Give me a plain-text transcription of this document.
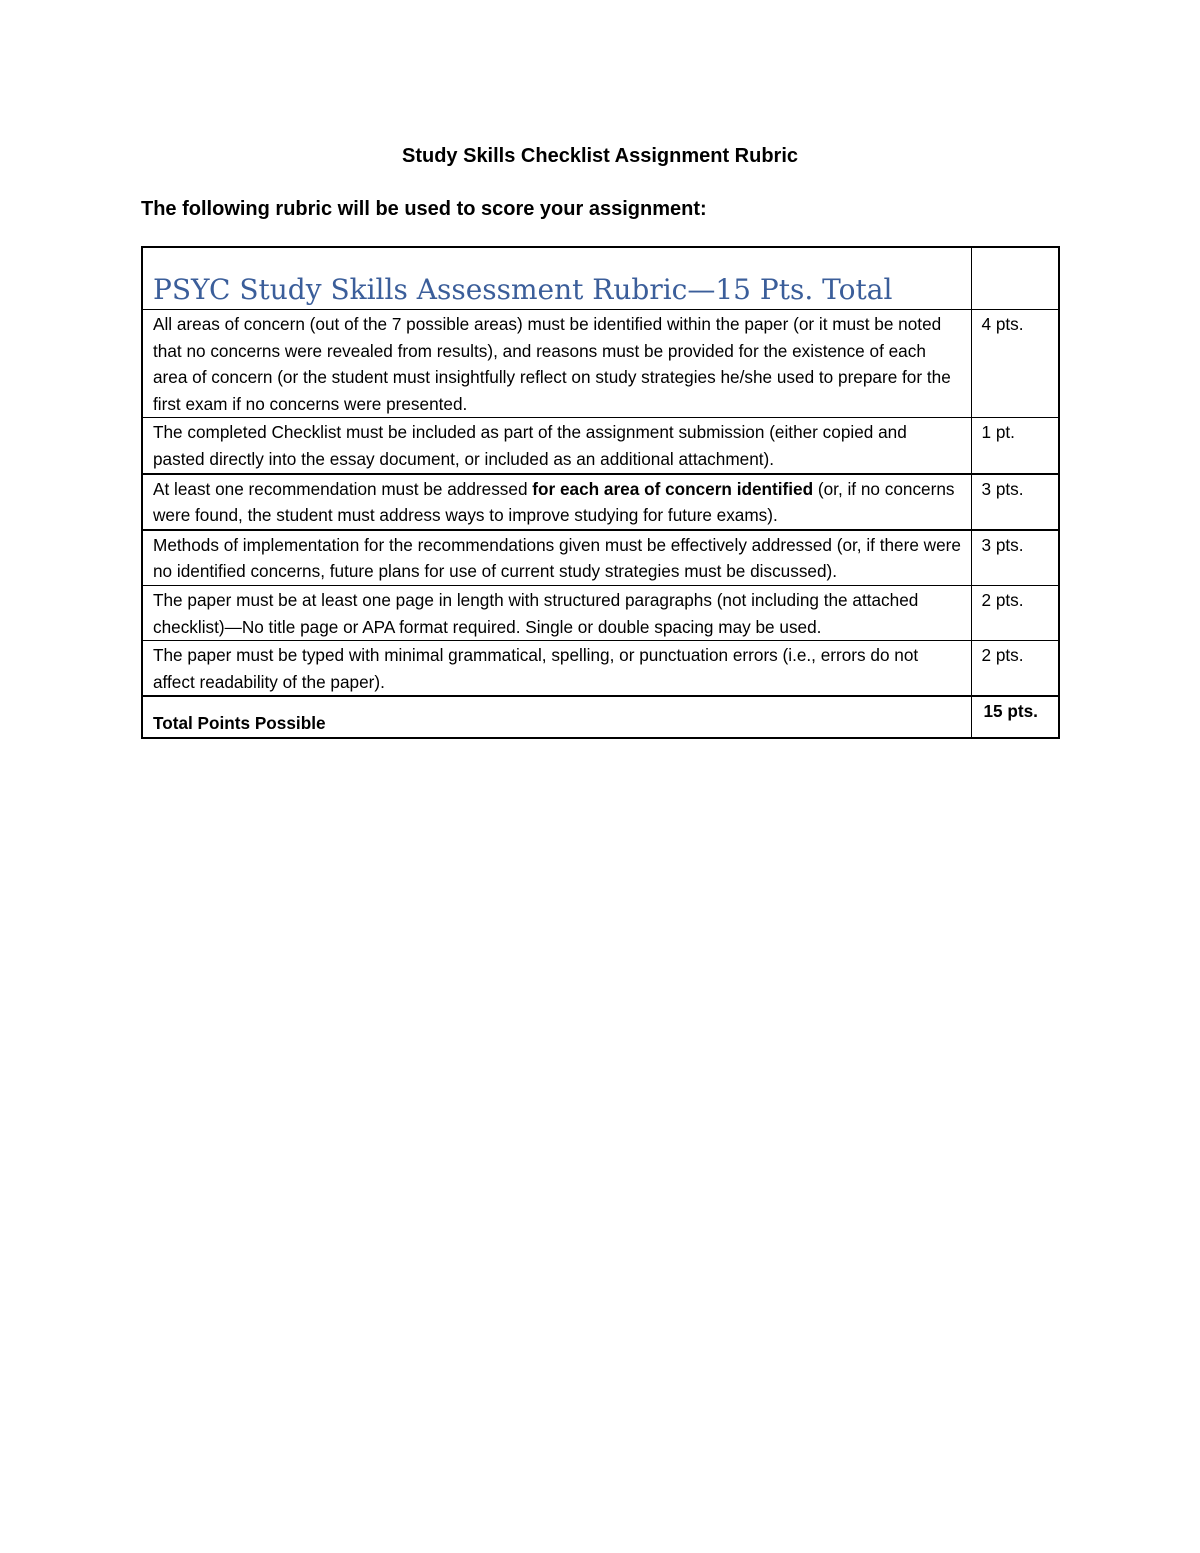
Study Skills Checklist Assignment Rubric
The following rubric will be used to score your assignment:
PSYC Study Skills Assessment Rubric—15 Pts. Total	

All areas of concern (out of the 7 possible areas) must be identified within the paper (or it must be noted that no concerns were revealed from results), and reasons must be provided for the existence of each area of concern (or the student must insightfully reflect on study strategies he/she used to prepare for the first exam if no concerns were presented.	4 pts.
The completed Checklist must be included as part of the assignment submission (either copied and pasted directly into the essay document, or included as an additional attachment).	1 pt.
At least one recommendation must be addressed for each area of concern identified (or, if no concerns were found, the student must address ways to improve studying for future exams).	3 pts.
Methods of implementation for the recommendations given must be effectively addressed (or, if there were no identified concerns, future plans for use of current study strategies must be discussed).	3 pts.
The paper must be at least one page in length with structured paragraphs (not including the attached checklist)—No title page or APA format required. Single or double spacing may be used.	2 pts.
The paper must be typed with minimal grammatical, spelling, or punctuation errors (i.e., errors do not affect readability of the paper).	2 pts.

Total Points Possible	15 pts.
